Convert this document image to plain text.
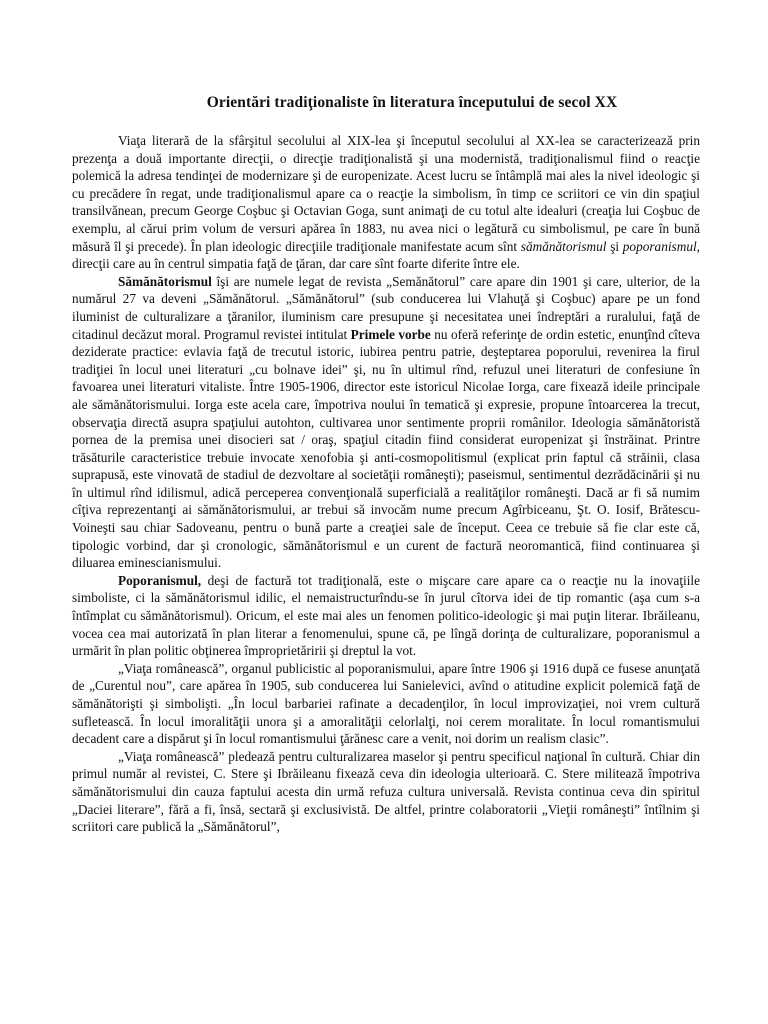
Orientări tradiţionaliste în literatura începutului de secol XX

Viaţa literară de la sfârşitul secolului al XIX-lea şi începutul secolului al XX-lea se caracterizează prin prezenţa a două importante direcţii, o direcţie tradiţionalistă şi una modernistă, tradiţionalismul fiind o reacţie polemică la adresa tendinţei de modernizare şi de europenizate. Acest lucru se întâmplă mai ales la nivel ideologic şi cu precădere în regat, unde tradiţionalismul apare ca o reacţie la simbolism, în timp ce scriitori ce vin din spaţiul transilvănean, precum George Coşbuc şi Octavian Goga, sunt animaţi de cu totul alte idealuri (creaţia lui Coşbuc de exemplu, al cărui prim volum de versuri apărea în 1883, nu avea nici o legătură cu simbolismul, pe care în bună măsură îl şi precede). În plan ideologic direcţiile tradiţionale manifestate acum sînt sămănătorismul şi poporanismul, direcţii care au în centrul simpatia faţă de ţăran, dar care sînt foarte diferite între ele.

Sămănătorismul îşi are numele legat de revista „Semănătorul” care apare din 1901 şi care, ulterior, de la numărul 27 va deveni „Sămănătorul. „Sămănătorul” (sub conducerea lui Vlahuţă şi Coşbuc) apare pe un fond iluminist de culturalizare a ţăranilor, iluminism care presupune şi necesitatea unei îndreptări a ruralului, faţă de citadinul decăzut moral. Programul revistei intitulat Primele vorbe nu oferă referinţe de ordin estetic, enunţînd cîteva deziderate practice: evlavia faţă de trecutul istoric, iubirea pentru patrie, deşteptarea poporului, revenirea la firul tradiţiei în locul unei literaturi „cu bolnave idei” şi, nu în ultimul rînd, refuzul unei literaturi de confesiune în favoarea unei literaturi vitaliste. Între 1905-1906, director este istoricul Nicolae Iorga, care fixează ideile principale ale sămănătorismului. Iorga este acela care, împotriva noului în tematică şi expresie, propune întoarcerea la trecut, observaţia directă asupra spaţiului autohton, cultivarea unor sentimente proprii românilor. Ideologia sămănătoristă pornea de la premisa unei disocieri sat / oraş, spaţiul citadin fiind considerat europenizat şi înstrăinat. Printre trăsăturile caracteristice trebuie invocate xenofobia şi anti-cosmopolitismul (explicat prin faptul că străinii, clasa suprapusă, este vinovată de stadiul de dezvoltare al societăţii româneşti); paseismul, sentimentul dezrădăcinării şi nu în ultimul rînd idilismul, adică perceperea convenţională superficială a realităţilor româneşti. Dacă ar fi să numim cîţiva reprezentanţi ai sămănătorismului, ar trebui să invocăm nume precum Agîrbiceanu, Şt. O. Iosif, Brătescu-Voineşti sau chiar Sadoveanu, pentru o bună parte a creaţiei sale de început. Ceea ce trebuie să fie clar este că, tipologic vorbind, dar şi cronologic, sămănătorismul e un curent de factură neoromantică, fiind continuarea şi diluarea eminescianismului.

Poporanismul, deşi de factură tot tradiţională, este o mişcare care apare ca o reacţie nu la inovaţiile simboliste, ci la sămănătorismul idilic, el nemaistructurîndu-se în jurul cîtorva idei de tip romantic (aşa cum s-a întîmplat cu sămănătorismul). Oricum, el este mai ales un fenomen politico-ideologic şi mai puţin literar. Ibrăileanu, vocea cea mai autorizată în plan literar a fenomenului, spune că, pe lîngă dorinţa de culturalizare, poporanismul a urmărit în plan politic obţinerea împroprietăririi şi dreptul la vot.

„Viaţa românească”, organul publicistic al poporanismului, apare între 1906 şi 1916 după ce fusese anunţată de „Curentul nou”, care apărea în 1905, sub conducerea lui Sanielevici, avînd o atitudine explicit polemică faţă de sămănătorişti şi simbolişti. „În locul barbariei rafinate a decadenţilor, în locul improvizaţiei, noi vrem cultură sufletească. În locul imoralităţii unora şi a amoralităţii celorlalţi, noi cerem moralitate. În locul romantismului decadent care a dispărut şi în locul romantismului ţărănesc care a venit, noi dorim un realism clasic”.

„Viaţa românească” pledează pentru culturalizarea maselor şi pentru specificul naţional în cultură. Chiar din primul număr al revistei, C. Stere şi Ibrăileanu fixează ceva din ideologia ulterioară. C. Stere militează împotriva sămănătorismului din cauza faptului acesta din urmă refuza cultura universală. Revista continua ceva din spiritul „Daciei literare”, fără a fi, însă, sectară şi exclusivistă. De altfel, printre colaboratorii „Vieţii româneşti” întîlnim şi scriitori care publică la „Sămănătorul”,
